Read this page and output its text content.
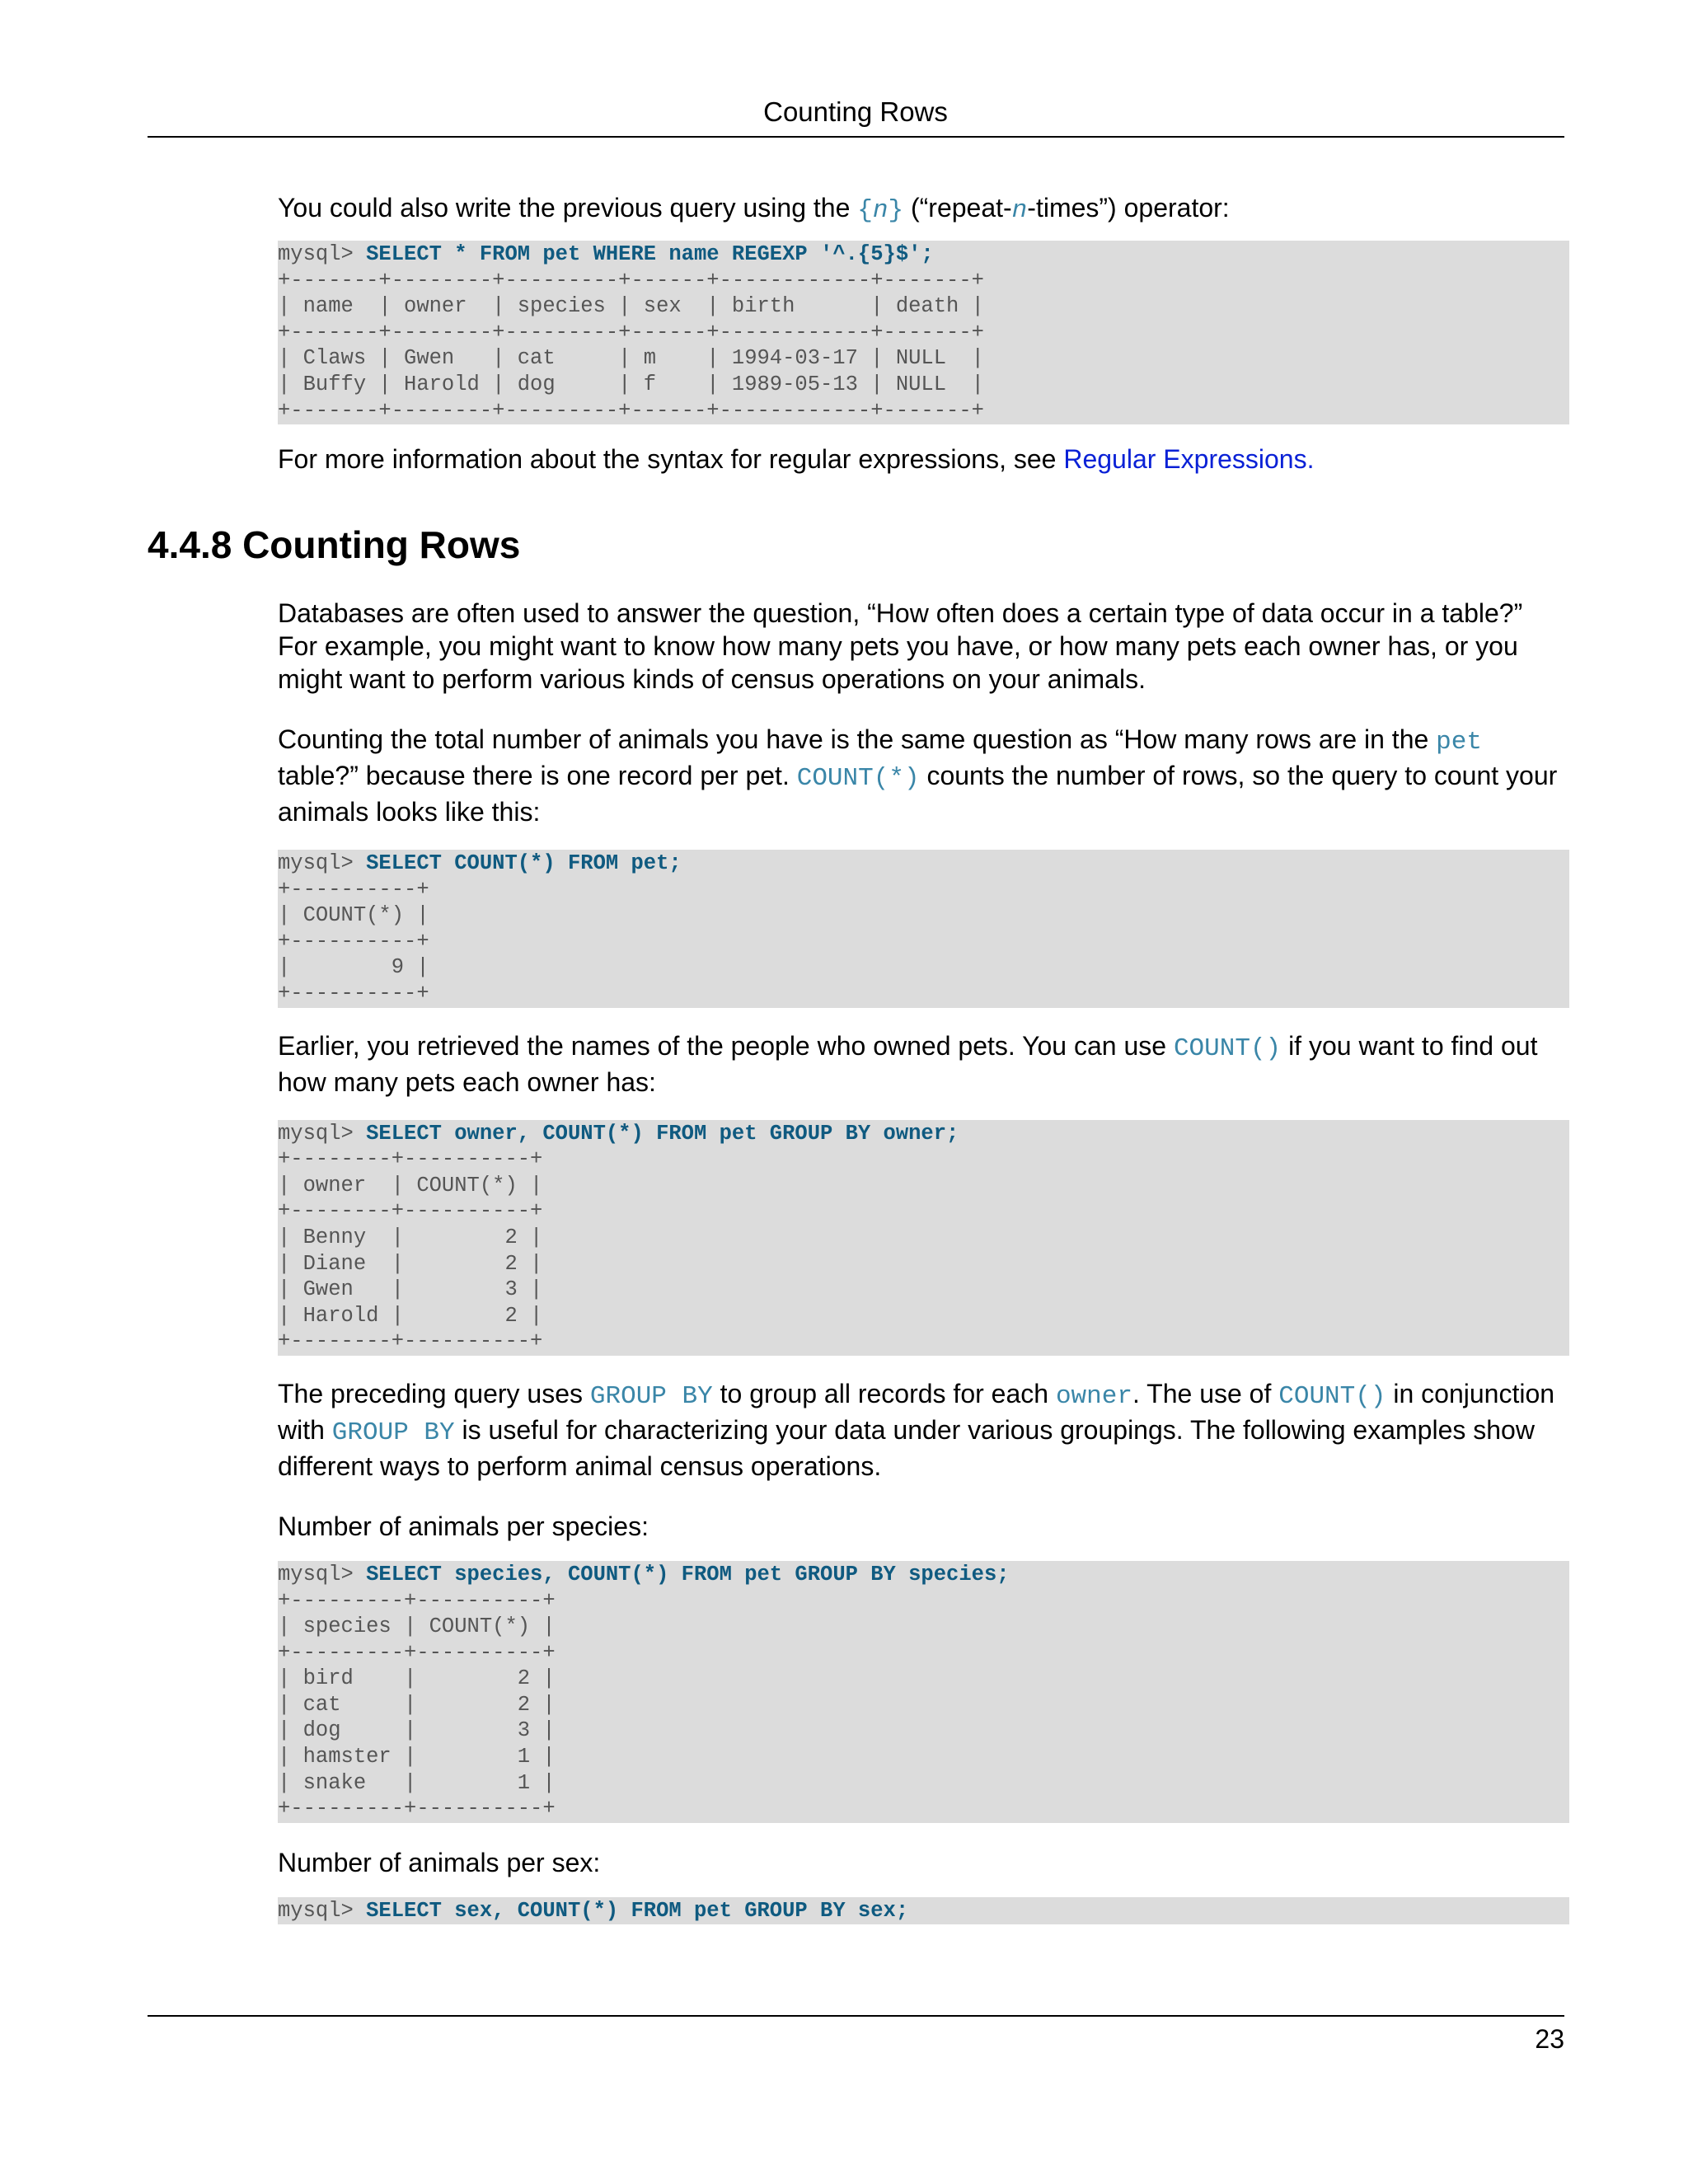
Counting Rows

You could also write the previous query using the {n} (“repeat-n-times”) operator:

mysql> SELECT * FROM pet WHERE name REGEXP '^.{5}$';
+-------+--------+---------+------+------------+-------+
| name  | owner  | species | sex  | birth      | death |
+-------+--------+---------+------+------------+-------+
| Claws | Gwen   | cat     | m    | 1994-03-17 | NULL  |
| Buffy | Harold | dog     | f    | 1989-05-13 | NULL  |
+-------+--------+---------+------+------------+-------+

For more information about the syntax for regular expressions, see Regular Expressions.

4.4.8 Counting Rows

Databases are often used to answer the question, “How often does a certain type of data occur in a table?” For example, you might want to know how many pets you have, or how many pets each owner has, or you might want to perform various kinds of census operations on your animals.

Counting the total number of animals you have is the same question as “How many rows are in the pet table?” because there is one record per pet. COUNT(*) counts the number of rows, so the query to count your animals looks like this:

mysql> SELECT COUNT(*) FROM pet;
+----------+
| COUNT(*) |
+----------+
|        9 |
+----------+

Earlier, you retrieved the names of the people who owned pets. You can use COUNT() if you want to find out how many pets each owner has:

mysql> SELECT owner, COUNT(*) FROM pet GROUP BY owner;
+--------+----------+
| owner  | COUNT(*) |
+--------+----------+
| Benny  |        2 |
| Diane  |        2 |
| Gwen   |        3 |
| Harold |        2 |
+--------+----------+

The preceding query uses GROUP BY to group all records for each owner. The use of COUNT() in conjunction with GROUP BY is useful for characterizing your data under various groupings. The following examples show different ways to perform animal census operations.

Number of animals per species:

mysql> SELECT species, COUNT(*) FROM pet GROUP BY species;
+---------+----------+
| species | COUNT(*) |
+---------+----------+
| bird    |        2 |
| cat     |        2 |
| dog     |        3 |
| hamster |        1 |
| snake   |        1 |
+---------+----------+

Number of animals per sex:

mysql> SELECT sex, COUNT(*) FROM pet GROUP BY sex;
23
